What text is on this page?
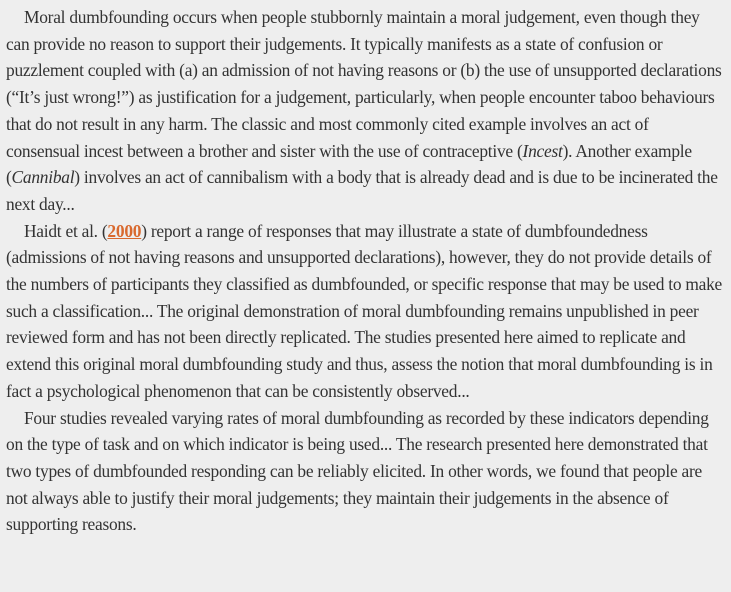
Moral dumbfounding occurs when people stubbornly maintain a moral judgement, even though they can provide no reason to support their judgements. It typically manifests as a state of confusion or puzzlement coupled with (a) an admission of not having reasons or (b) the use of unsupported declarations (“It’s just wrong!”) as justification for a judgement, particularly, when people encounter taboo behaviours that do not result in any harm. The classic and most commonly cited example involves an act of consensual incest between a brother and sister with the use of contraceptive (Incest). Another example (Cannibal) involves an act of cannibalism with a body that is already dead and is due to be incinerated the next day...

Haidt et al. (2000) report a range of responses that may illustrate a state of dumbfoundedness (admissions of not having reasons and unsupported declarations), however, they do not provide details of the numbers of participants they classified as dumbfounded, or specific response that may be used to make such a classification... The original demonstration of moral dumbfounding remains unpublished in peer reviewed form and has not been directly replicated. The studies presented here aimed to replicate and extend this original moral dumbfounding study and thus, assess the notion that moral dumbfounding is in fact a psychological phenomenon that can be consistently observed...

Four studies revealed varying rates of moral dumbfounding as recorded by these indicators depending on the type of task and on which indicator is being used... The research presented here demonstrated that two types of dumbfounded responding can be reliably elicited. In other words, we found that people are not always able to justify their moral judgements; they maintain their judgements in the absence of supporting reasons.
